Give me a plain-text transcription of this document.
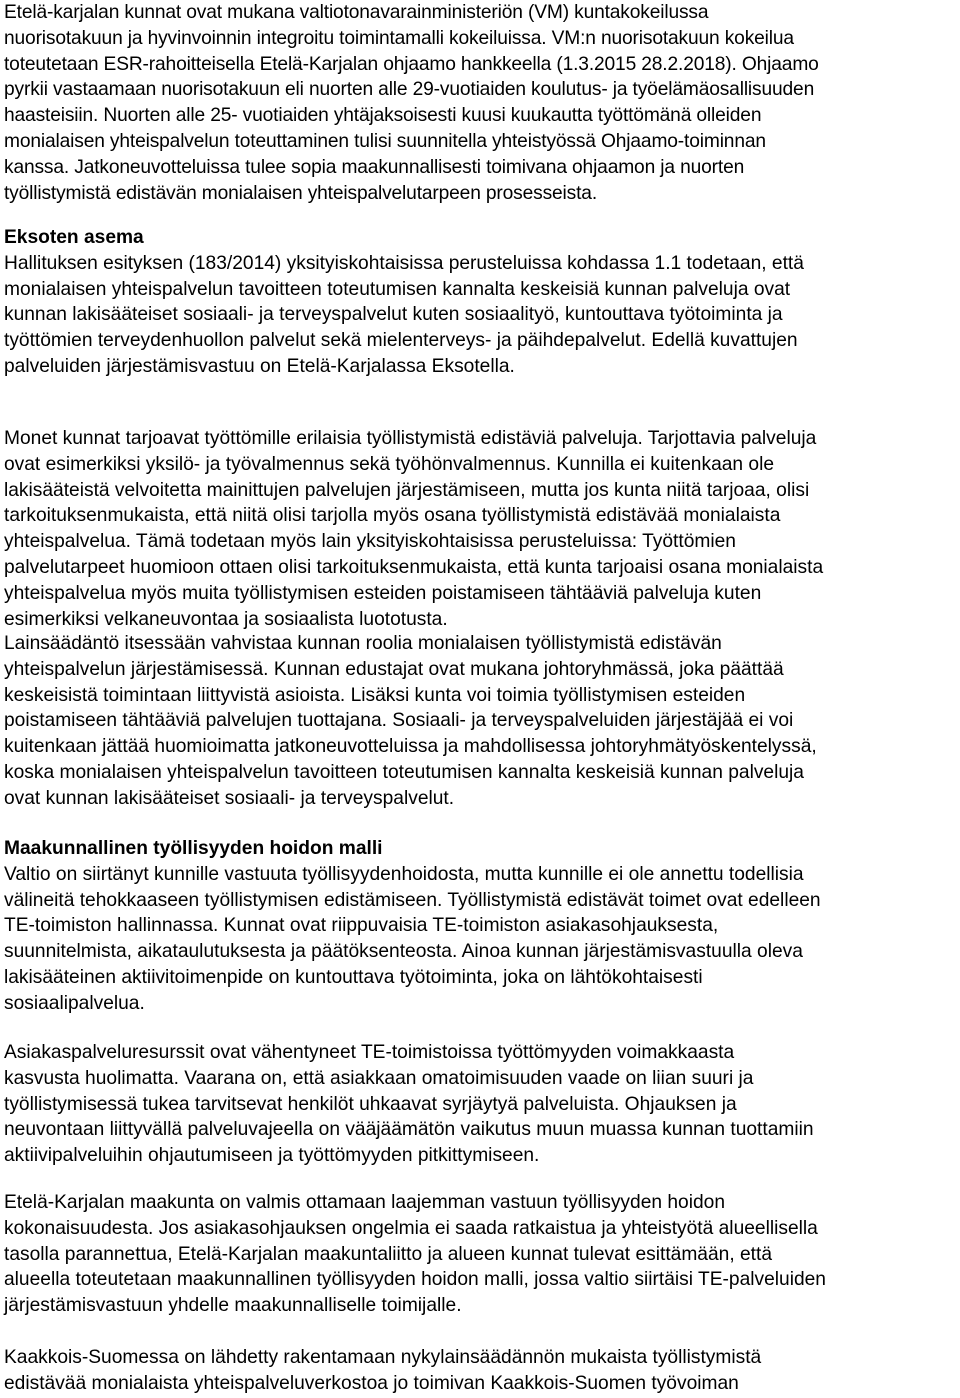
Etelä-karjalan kunnat ovat mukana valtiotonavarainministeriön (VM) kuntakokeilussa
nuorisotakuun ja hyvinvoinnin integroitu toimintamalli kokeiluissa. VM:n nuorisotakuun kokeilua
toteutetaan ESR-rahoitteisella Etelä-Karjalan ohjaamo hankkeella (1.3.2015 28.2.2018). Ohjaamo
pyrkii vastaamaan nuorisotakuun eli nuorten alle 29-vuotiaiden koulutus- ja työelämäosallisuuden
haasteisiin. Nuorten alle 25- vuotiaiden yhtäjaksoisesti kuusi kuukautta työttömänä olleiden
monialaisen yhteispalvelun toteuttaminen tulisi suunnitella yhteistyössä Ohjaamo-toiminnan
kanssa. Jatkoneuvotteluissa tulee sopia maakunnallisesti toimivana ohjaamon ja nuorten
työllistymistä edistävän monialaisen yhteispalvelutarpeen prosesseista.
Eksoten asema
Hallituksen esityksen (183/2014) yksityiskohtaisissa perusteluissa kohdassa 1.1 todetaan, että
monialaisen yhteispalvelun tavoitteen toteutumisen kannalta keskeisiä kunnan palveluja ovat
kunnan lakisääteiset sosiaali- ja terveyspalvelut kuten sosiaalityö, kuntouttava työtoiminta ja
työttömien terveydenhuollon palvelut sekä mielenterveys- ja päihdepalvelut. Edellä kuvattujen
palveluiden järjestämisvastuu on Etelä-Karjalassa Eksotella.
Monet kunnat tarjoavat työttömille erilaisia työllistymistä edistäviä palveluja. Tarjottavia palveluja
ovat esimerkiksi yksilö- ja työvalmennus sekä työhönvalmennus. Kunnilla ei kuitenkaan ole
lakisääteistä velvoitetta mainittujen palvelujen järjestämiseen, mutta jos kunta niitä tarjoaa, olisi
tarkoituksenmukaista, että niitä olisi tarjolla myös osana työllistymistä edistävää monialaista
yhteispalvelua. Tämä todetaan myös lain yksityiskohtaisissa perusteluissa: Työttömien
palvelutarpeet huomioon ottaen olisi tarkoituksenmukaista, että kunta tarjoaisi osana monialaista
yhteispalvelua myös muita työllistymisen esteiden poistamiseen tähtääviä palveluja kuten
esimerkiksi velkaneuvontaa ja sosiaalista luototusta.
Lainsäädäntö itsessään vahvistaa kunnan roolia monialaisen työllistymistä edistävän
yhteispalvelun järjestämisessä. Kunnan edustajat ovat mukana johtoryhmässä, joka päättää
keskeisistä toimintaan liittyvistä asioista. Lisäksi kunta voi toimia työllistymisen esteiden
poistamiseen tähtääviä palvelujen tuottajana. Sosiaali- ja terveyspalveluiden järjestäjää ei voi
kuitenkaan jättää huomioimatta jatkoneuvotteluissa ja mahdollisessa johtoryhmätyöskentelyssä,
koska monialaisen yhteispalvelun tavoitteen toteutumisen kannalta keskeisiä kunnan palveluja
ovat kunnan lakisääteiset sosiaali- ja terveyspalvelut.
Maakunnallinen työllisyyden hoidon malli
Valtio on siirtänyt kunnille vastuuta työllisyydenhoidosta, mutta kunnille ei ole annettu todellisia
välineitä tehokkaaseen työllistymisen edistämiseen. Työllistymistä edistävät toimet ovat edelleen
TE-toimiston hallinnassa. Kunnat ovat riippuvaisia TE-toimiston asiakasohjauksesta,
suunnitelmista, aikataulutuksesta ja päätöksenteosta. Ainoa kunnan järjestämisvastuulla oleva
lakisääteinen aktiivitoimenpide on kuntouttava työtoiminta, joka on lähtökohtaisesti
sosiaalipalvelua.
Asiakaspalveluresurssit ovat vähentyneet TE-toimistoissa työttömyyden voimakkaasta
kasvusta huolimatta. Vaarana on, että asiakkaan omatoimisuuden vaade on liian suuri ja
työllistymisessä tukea tarvitsevat henkilöt uhkaavat syrjäytyä palveluista. Ohjauksen ja
neuvontaan liittyvällä palveluvajeella on vääjäämätön vaikutus muun muassa kunnan tuottamiin
aktiivipalveluihin ohjautumiseen ja työttömyyden pitkittymiseen.
Etelä-Karjalan maakunta on valmis ottamaan laajemman vastuun työllisyyden hoidon
kokonaisuudesta. Jos asiakasohjauksen ongelmia ei saada ratkaistua ja yhteistyötä alueellisella
tasolla parannettua, Etelä-Karjalan maakuntaliitto ja alueen kunnat tulevat esittämään, että
alueella toteutetaan maakunnallinen työllisyyden hoidon malli, jossa valtio siirtäisi TE-palveluiden
järjestämisvastuun yhdelle maakunnalliselle toimijalle.
Kaakkois-Suomessa on lähdetty rakentamaan nykylainsäädännön mukaista työllistymistä
edistävää monialaista yhteispalveluverkostoa jo toimivan Kaakkois-Suomen työvoiman
